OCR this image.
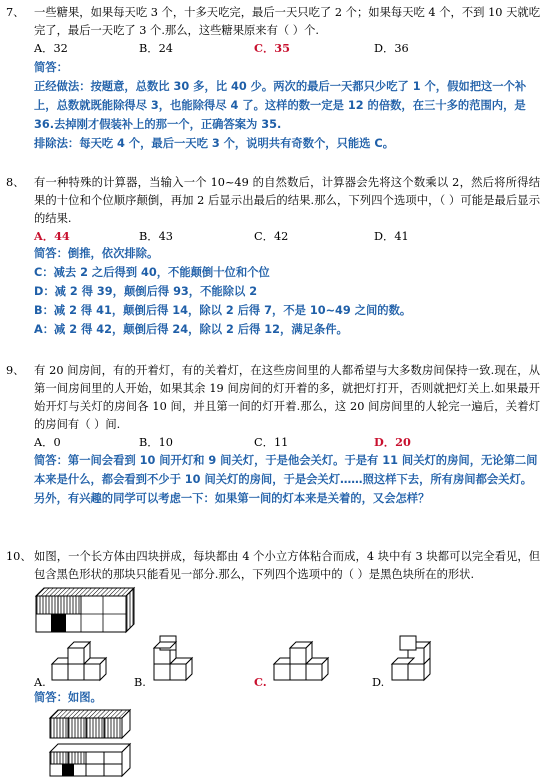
7、 一些糖果，如果每天吃 3 个，十多天吃完，最后一天只吃了 2 个；如果每天吃 4 个，不到 10 天就吃完了，最后一天吃了 3 个.那么，这些糖果原来有（ ）个.
A．32	B．24	C．35	D．36
简答：
正经做法：按题意，总数比 30 多，比 40 少。两次的最后一天都只少吃了 1 个，假如把这一个补上，总数就既能除得尽 3，也能除得尽 4 了。这样的数一定是 12 的倍数，在三十多的范围内，是 36.去掉刚才假装补上的那一个，正确答案为 35.
排除法：每天吃 4 个，最后一天吃 3 个，说明共有奇数个，只能选 C。
8、 有一种特殊的计算器，当输入一个 10~49 的自然数后，计算器会先将这个数乘以 2，然后将所得结果的十位和个位顺序颠倒，再加 2 后显示出最后的结果.那么，下列四个选项中，（ ）可能是最后显示的结果.
A．44	B．43	C．42	D．41
简答：倒推，依次排除。
C：减去 2 之后得到 40，不能颠倒十位和个位
D：减 2 得 39，颠倒后得 93，不能除以 2
B：减 2 得 41，颠倒后得 14，除以 2 后得 7，不是 10~49 之间的数。
A：减 2 得 42，颠倒后得 24，除以 2 后得 12，满足条件。
9、 有 20 间房间，有的开着灯，有的关着灯，在这些房间里的人都希望与大多数房间保持一致.现在，从第一间房间里的人开始，如果其余 19 间房间的灯开着的多，就把灯打开，否则就把灯关上.如果最开始开灯与关灯的房间各 10 间，并且第一间的灯开着.那么，这 20 间房间里的人轮完一遍后，关着灯的房间有（ ）间.
A．0	B．10	C．11	D．20
简答：第一间会看到 10 间开灯和 9 间关灯，于是他会关灯。于是有 11 间关灯的房间，无论第二间本来是什么，都会看到不少于 10 间关灯的房间，于是会关灯……照这样下去，所有房间都会关灯。
另外，有兴趣的同学可以考虑一下：如果第一间的灯本来是关着的，又会怎样？
10、 如图，一个长方体由四块拼成，每块都由 4 个小立方体粘合而成，4 块中有 3 块都可以完全看见，但包含黑色形状的那块只能看见一部分.那么，下列四个选项中的（ ）是黑色块所在的形状.
A.	B.	C.	D.
简答：如图。
